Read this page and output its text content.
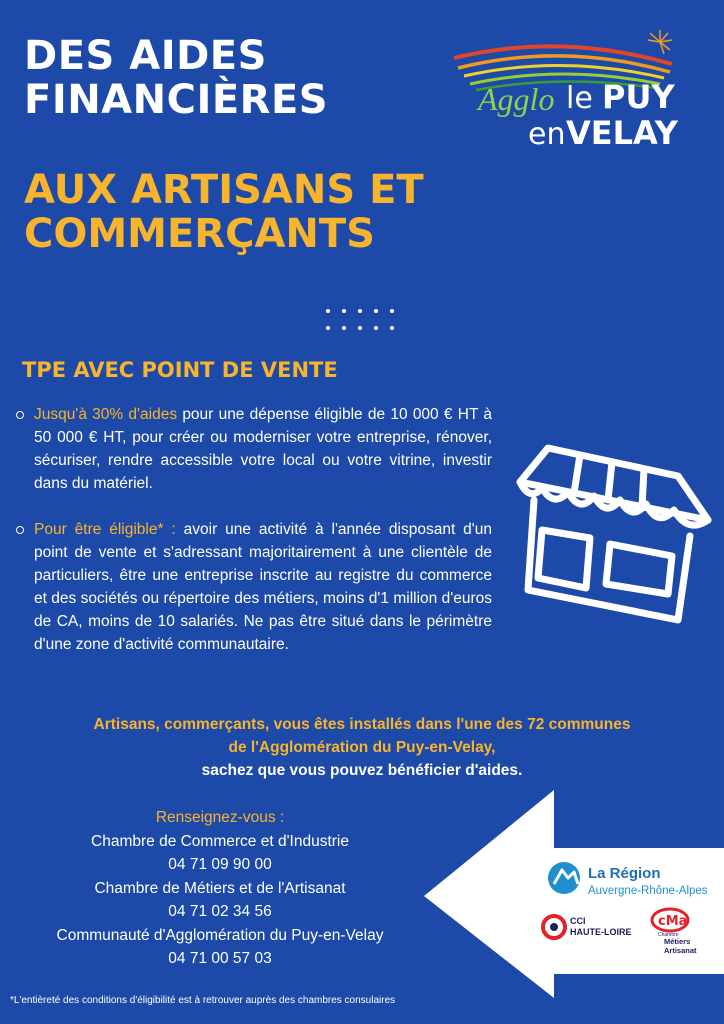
DES AIDES
FINANCIÈRES
AUX ARTISANS ET
COMMERÇANTS
Agglo le PUY
en VELAY
TPE AVEC POINT DE VENTE
Jusqu'à 30% d'aides pour une dépense éligible de 10 000 € HT à 50 000 € HT, pour créer ou moderniser votre entreprise, rénover, sécuriser, rendre accessible votre local ou votre vitrine, investir dans du matériel.
Pour être éligible* : avoir une activité à l'année disposant d'un point de vente et s'adressant majoritairement à une clientèle de particuliers, être une entreprise inscrite au registre du commerce et des sociétés ou répertoire des métiers, moins d'1 million d'euros de CA, moins de 10 salariés. Ne pas être situé dans le périmètre d'une zone d'activité communautaire.
Artisans, commerçants, vous êtes installés dans l'une des 72 communes
de l'Agglomération du Puy-en-Velay,
sachez que vous pouvez bénéficier d'aides.
Renseignez-vous :
Chambre de Commerce et d'Industrie
04 71 09 90 00
Chambre de Métiers et de l'Artisanat
04 71 02 34 56
Communauté d'Agglomération du Puy-en-Velay
04 71 00 57 03
La Région
Auvergne-Rhône-Alpes
CCI
HAUTE-LOIRE
cMa
Chambre
Métiers
Artisanat
*L'entièreté des conditions d'éligibilité est à retrouver auprès des chambres consulaires
